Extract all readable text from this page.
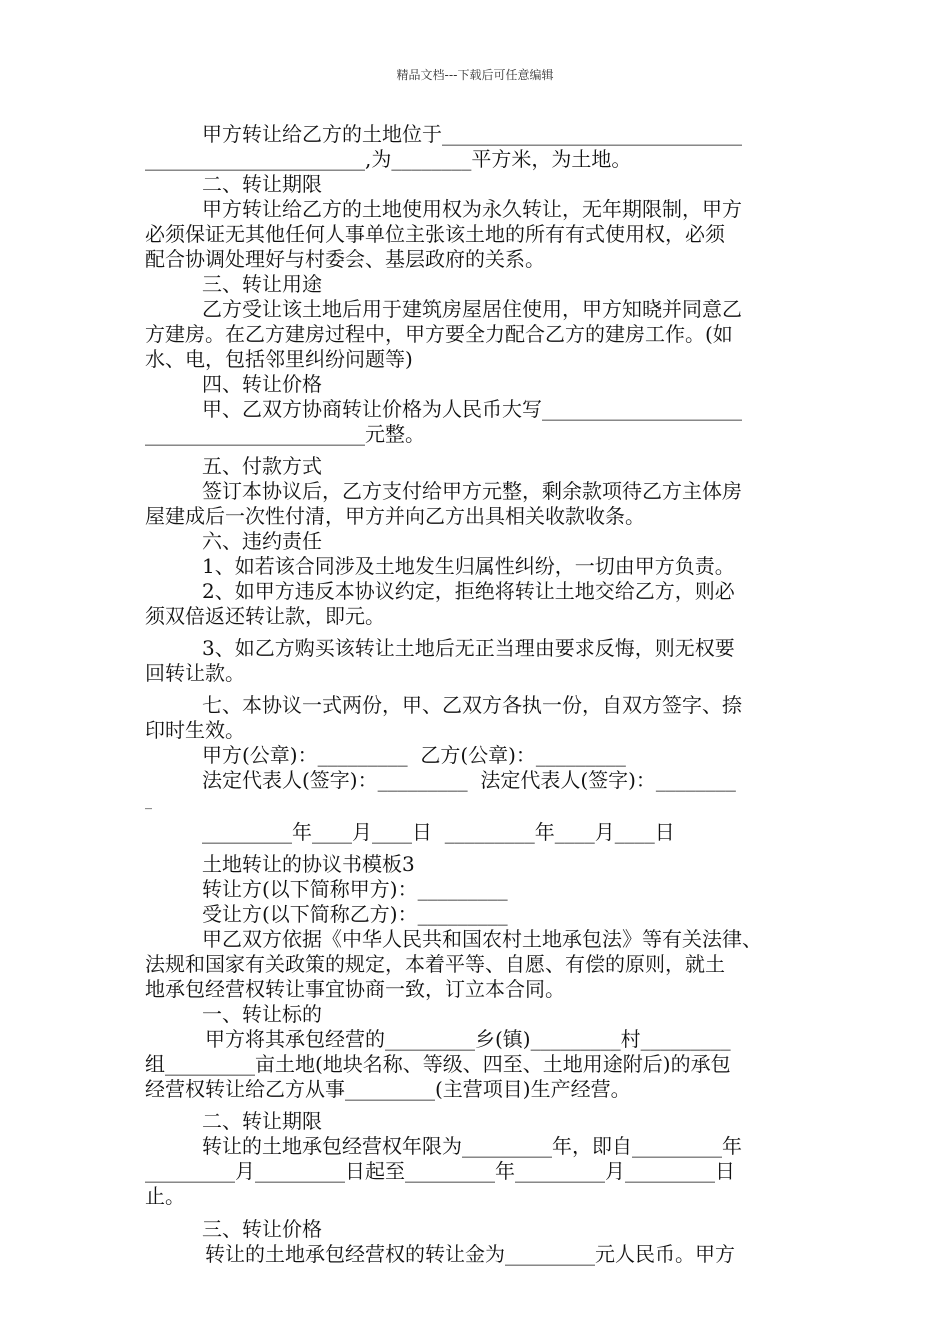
精品文档---下载后可任意编辑

甲方转让给乙方的土地位于______________________________

______________________,为________平方米，为土地。

二、转让期限

甲方转让给乙方的土地使用权为永久转让，无年期限制，甲方

必须保证无其他任何人事单位主张该土地的所有有式使用权，必须

配合协调处理好与村委会、基层政府的关系。

三、转让用途

乙方受让该土地后用于建筑房屋居住使用，甲方知晓并同意乙

方建房。在乙方建房过程中，甲方要全力配合乙方的建房工作。(如

水、电，包括邻里纠纷问题等)

四、转让价格

甲、乙双方协商转让价格为人民币大写____________________

______________________元整。

五、付款方式

签订本协议后，乙方支付给甲方元整，剩余款项待乙方主体房

屋建成后一次性付清，甲方并向乙方出具相关收款收条。

六、违约责任

1、如若该合同涉及土地发生归属性纠纷，一切由甲方负责。

2、如甲方违反本协议约定，拒绝将转让土地交给乙方，则必

须双倍返还转让款，即元。

3、如乙方购买该转让土地后无正当理由要求反悔，则无权要

回转让款。

七、本协议一式两份，甲、乙双方各执一份，自双方签字、捺

印时生效。

甲方(公章)：_________  乙方(公章)：_________

法定代表人(签字)：_________  法定代表人(签字)：________

_

_________年____月____日  _________年____月____日

土地转让的协议书模板3

转让方(以下简称甲方)：_________

受让方(以下简称乙方)：_________

甲乙双方依据《中华人民共和国农村土地承包法》等有关法律、

法规和国家有关政策的规定，本着平等、自愿、有偿的原则，就土

地承包经营权转让事宜协商一致，订立本合同。

一、转让标的

甲方将其承包经营的_________乡(镇)_________村_________

组_________亩土地(地块名称、等级、四至、土地用途附后)的承包

经营权转让给乙方从事_________(主营项目)生产经营。

二、转让期限

转让的土地承包经营权年限为_________年，即自_________年

_________月_________日起至_________年_________月_________日

止。

三、转让价格

转让的土地承包经营权的转让金为_________元人民币。甲方
